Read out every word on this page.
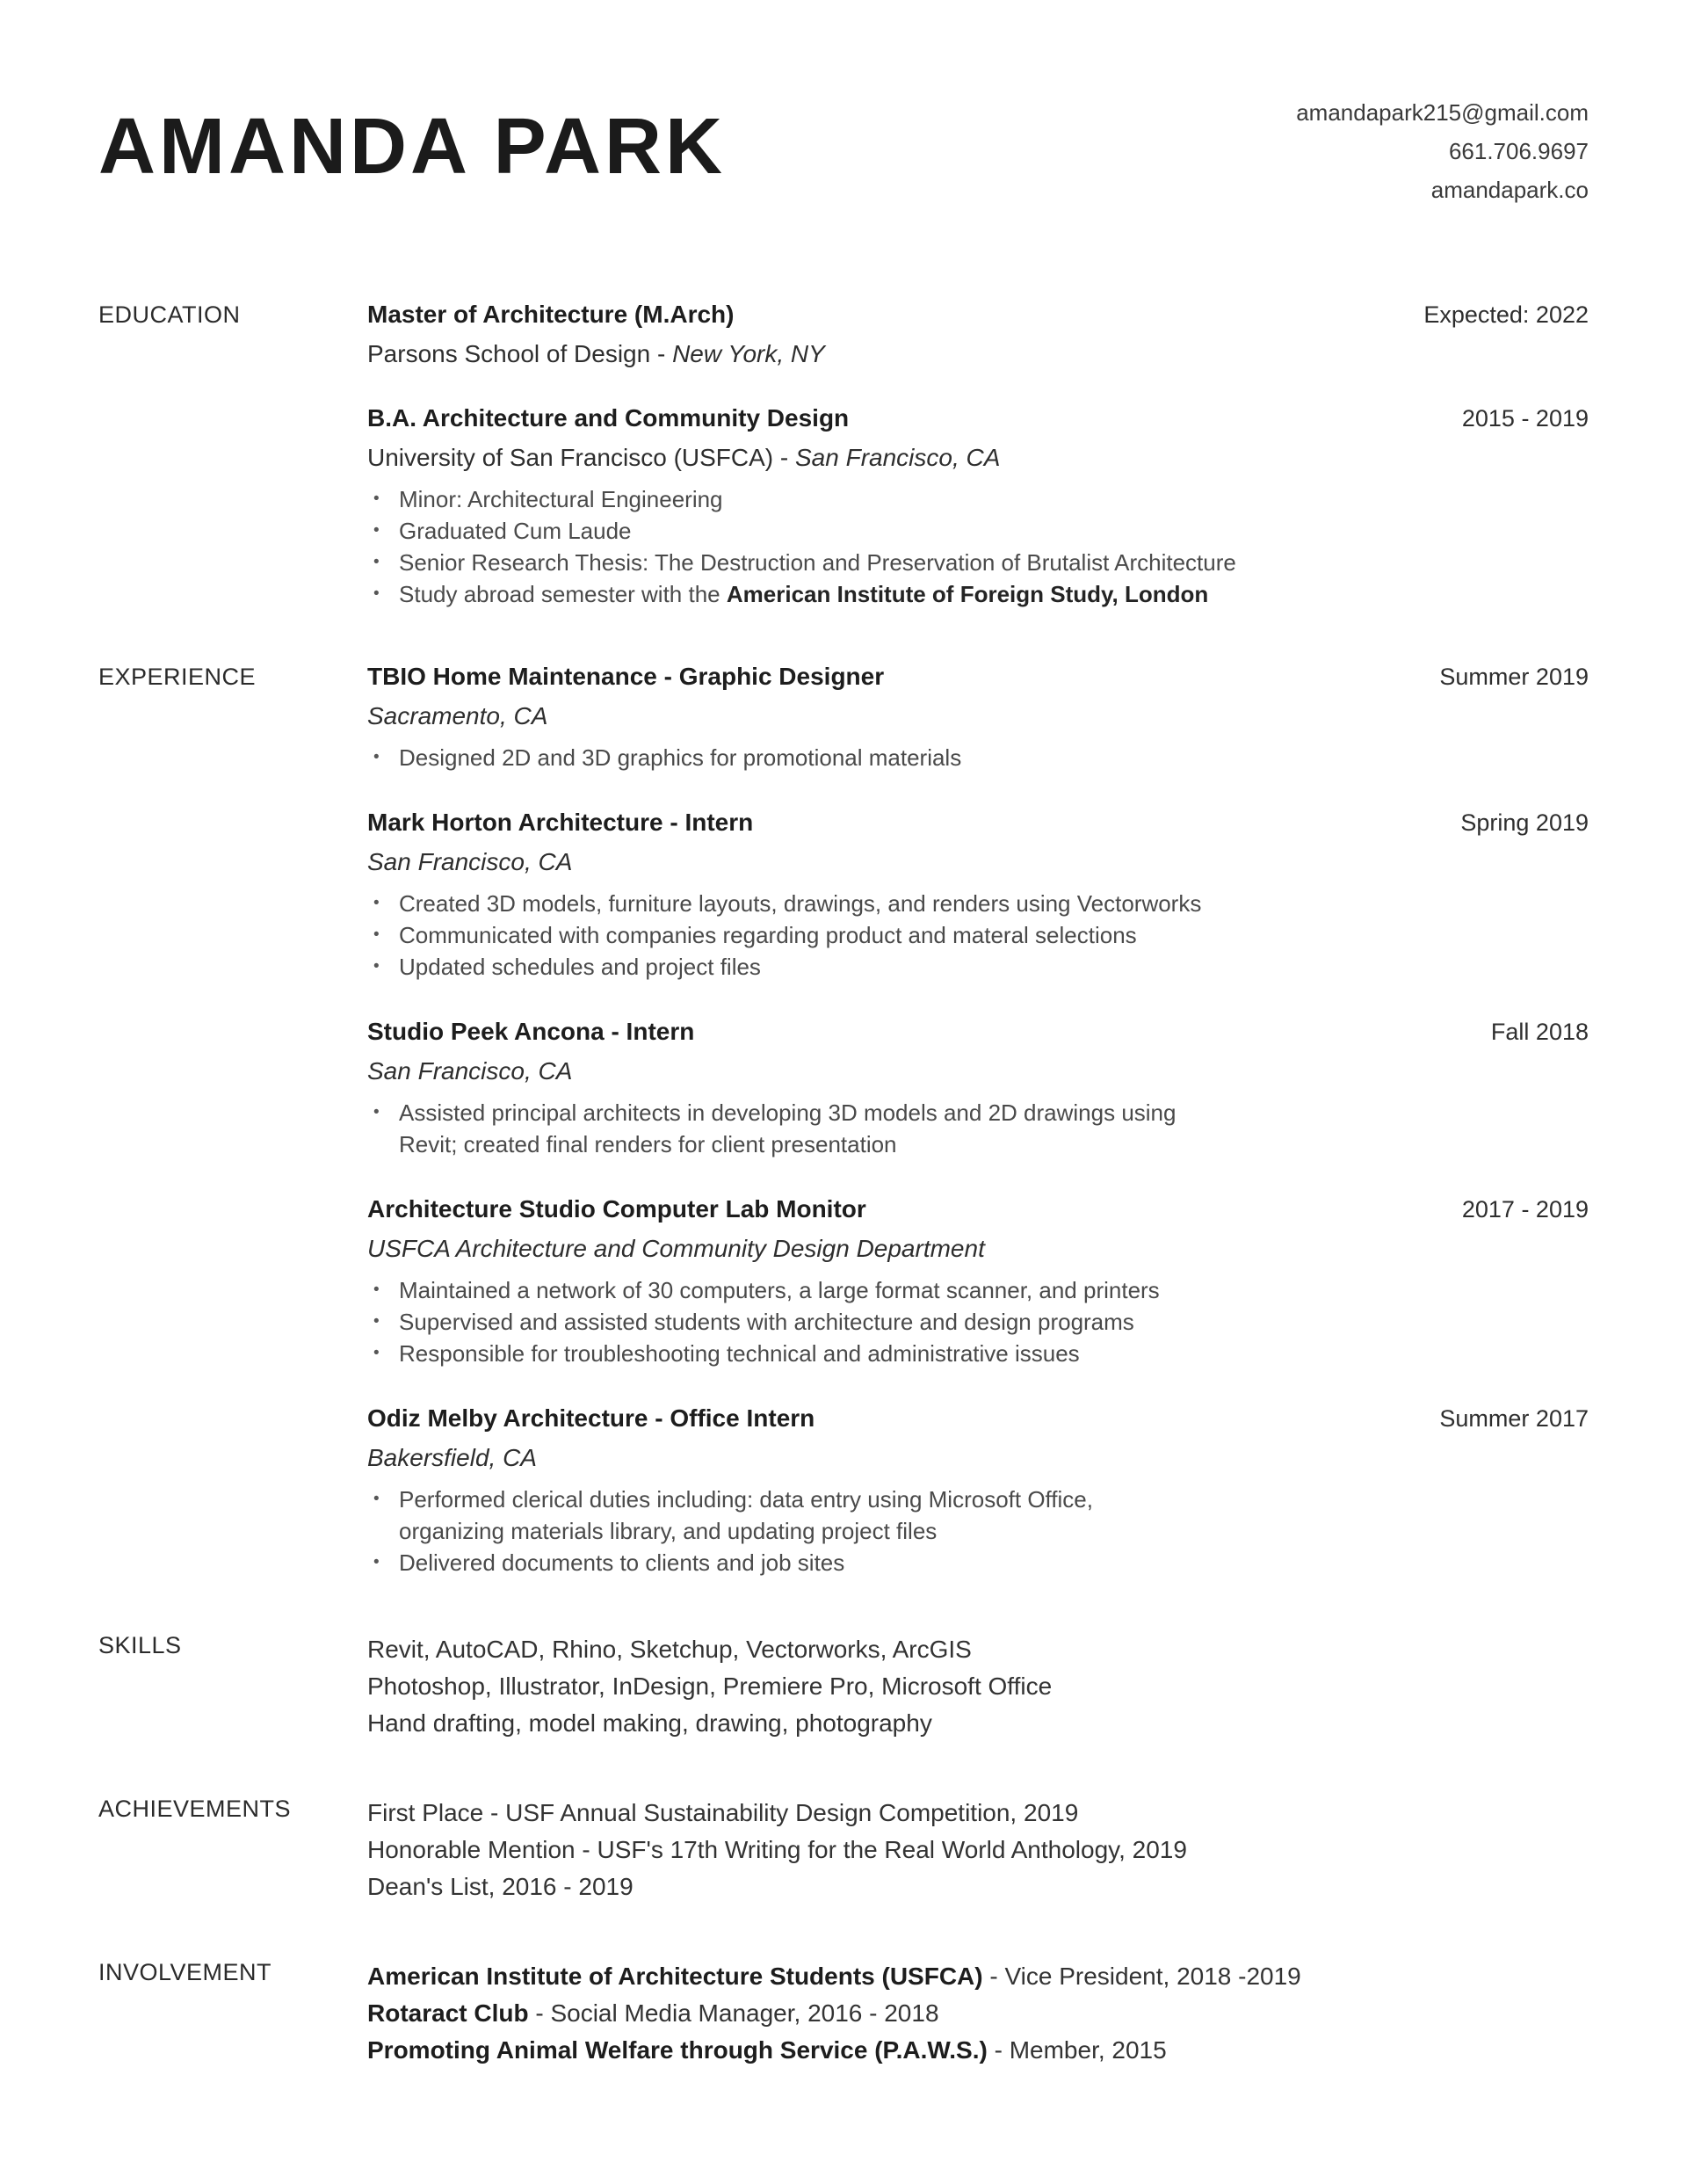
AMANDA PARK	amandapark215@gmail.com
661.706.9697
amandapark.co
EDUCATION	Master of Architecture (M.Arch)	Expected: 2022
Parsons School of Design - New York, NY
B.A. Architecture and Community Design	2015 - 2019
University of San Francisco (USFCA) - San Francisco, CA
• Minor: Architectural Engineering
• Graduated Cum Laude
• Senior Research Thesis: The Destruction and Preservation of Brutalist Architecture
• Study abroad semester with the American Institute of Foreign Study, London
EXPERIENCE	TBIO Home Maintenance - Graphic Designer	Summer 2019
Sacramento, CA
• Designed 2D and 3D graphics for promotional materials
Mark Horton Architecture - Intern	Spring 2019
San Francisco, CA
• Created 3D models, furniture layouts, drawings, and renders using Vectorworks
• Communicated with companies regarding product and materal selections
• Updated schedules and project files
Studio Peek Ancona - Intern	Fall 2018
San Francisco, CA
• Assisted principal architects in developing 3D models and 2D drawings using
Revit; created final renders for client presentation
Architecture Studio Computer Lab Monitor	2017 - 2019
USFCA Architecture and Community Design Department
• Maintained a network of 30 computers, a large format scanner, and printers
• Supervised and assisted students with architecture and design programs
• Responsible for troubleshooting technical and administrative issues
Odiz Melby Architecture - Office Intern	Summer 2017
Bakersfield, CA
• Performed clerical duties including: data entry using Microsoft Office,
organizing materials library, and updating project files
• Delivered documents to clients and job sites
SKILLS	Revit, AutoCAD, Rhino, Sketchup, Vectorworks, ArcGIS
Photoshop, Illustrator, InDesign, Premiere Pro, Microsoft Office
Hand drafting, model making, drawing, photography
ACHIEVEMENTS	First Place - USF Annual Sustainability Design Competition, 2019
Honorable Mention - USF's 17th Writing for the Real World Anthology, 2019
Dean's List, 2016 - 2019
INVOLVEMENT	American Institute of Architecture Students (USFCA) - Vice President, 2018 -2019
Rotaract Club - Social Media Manager, 2016 - 2018
Promoting Animal Welfare through Service (P.A.W.S.) - Member, 2015
